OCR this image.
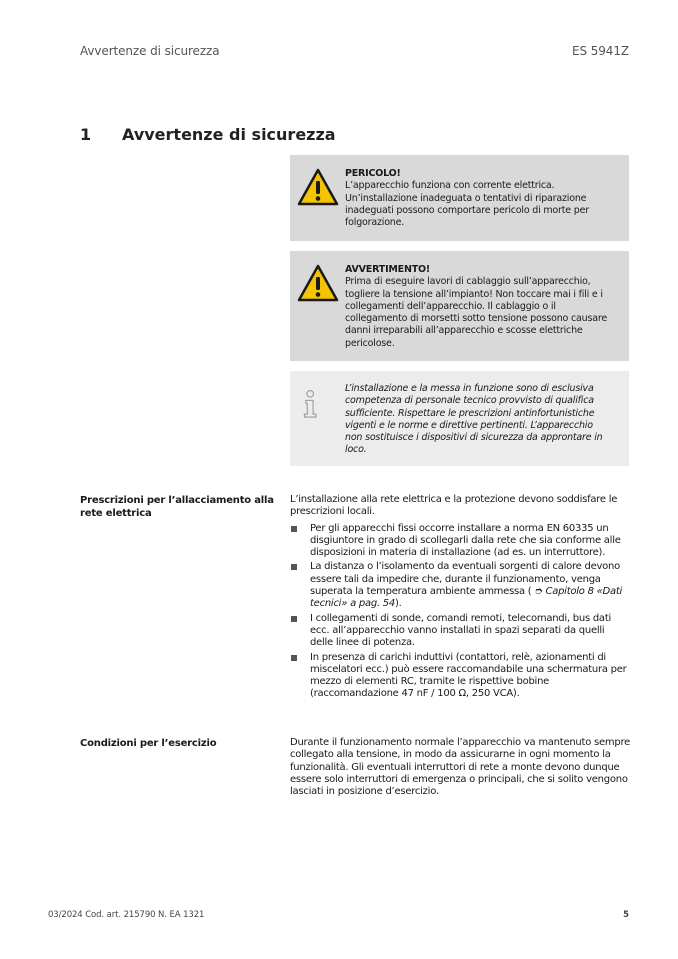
Avvertenze di sicurezza	ES 5941Z
1 Avvertenze di sicurezza
PERICOLO!
L’apparecchio funziona con corrente elettrica. Un’installazione inadeguata o tentativi di riparazione inadeguati possono comportare pericolo di morte per folgorazione.
AVVERTIMENTO!
Prima di eseguire lavori di cablaggio sull’apparecchio, togliere la tensione all’impianto! Non toccare mai i fili e i collegamenti dell’apparecchio. Il cablaggio o il collegamento di morsetti sotto tensione possono causare danni irreparabili all’apparecchio e scosse elettriche pericolose.
L’installazione e la messa in funzione sono di esclusiva competenza di personale tecnico provvisto di qualifica sufficiente. Rispettare le prescrizioni antinfortunistiche vigenti e le norme e direttive pertinenti. L’apparecchio non sostituisce i dispositivi di sicurezza da approntare in loco.
Prescrizioni per l’allacciamento alla rete elettrica
L’installazione alla rete elettrica e la protezione devono soddisfare le prescrizioni locali.
Per gli apparecchi fissi occorre installare a norma EN 60335 un disgiuntore in grado di scollegarli dalla rete che sia conforme alle disposizioni in materia di installazione (ad es. un interruttore).
La distanza o l’isolamento da eventuali sorgenti di calore devono essere tali da impedire che, durante il funzionamento, venga superata la temperatura ambiente ammessa ( ➮ Capitolo 8 «Dati tecnici» a pag. 54).
I collegamenti di sonde, comandi remoti, telecomandi, bus dati ecc. all’apparecchio vanno installati in spazi separati da quelli delle linee di potenza.
In presenza di carichi induttivi (contattori, relè, azionamenti di miscelatori ecc.) può essere raccomandabile una schermatura per mezzo di elementi RC, tramite le rispettive bobine (raccomandazione 47 nF / 100 Ω, 250 VCA).
Condizioni per l’esercizio	Durante il funzionamento normale l’apparecchio va mantenuto sempre collegato alla tensione, in modo da assicurarne in ogni momento la funzionalità. Gli eventuali interruttori di rete a monte devono dunque essere solo interruttori di emergenza o principali, che si solito vengono lasciati in posizione d’esercizio.
03/2024 Cod. art. 215790 N. EA 1321	5
